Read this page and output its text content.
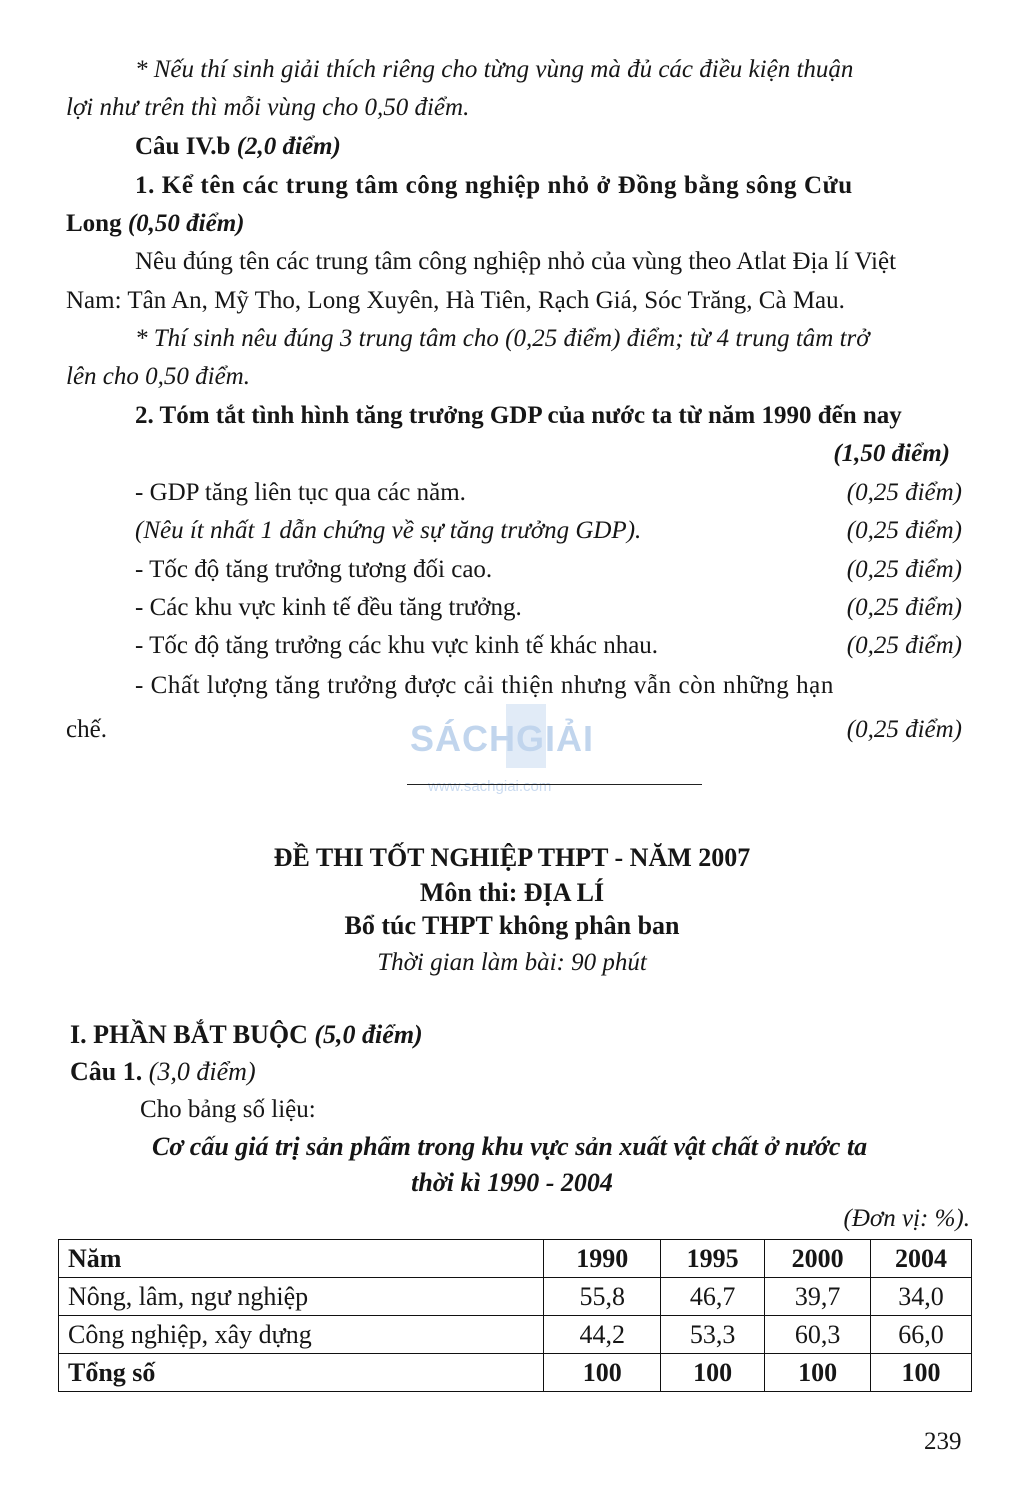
* Nếu thí sinh giải thích riêng cho từng vùng mà đủ các điều kiện thuận
lợi như trên thì mỗi vùng cho 0,50 điểm.
Câu IV.b (2,0 điểm)
1. Kể tên các trung tâm công nghiệp nhỏ ở Đồng bằng sông Cửu
Long (0,50 điểm)
Nêu đúng tên các trung tâm công nghiệp nhỏ của vùng theo Atlat Địa lí Việt
Nam: Tân An, Mỹ Tho, Long Xuyên, Hà Tiên, Rạch Giá, Sóc Trăng, Cà Mau.
* Thí sinh nêu đúng 3 trung tâm cho (0,25 điểm) điểm; từ 4 trung tâm trở
lên cho 0,50 điểm.
2. Tóm tắt tình hình tăng trưởng GDP của nước ta từ năm 1990 đến nay
(1,50 điểm)
- GDP tăng liên tục qua các năm.	(0,25 điểm)
(Nêu ít nhất 1 dẫn chứng về sự tăng trưởng GDP).	(0,25 điểm)
- Tốc độ tăng trưởng tương đối cao.	(0,25 điểm)
- Các khu vực kinh tế đều tăng trưởng.	(0,25 điểm)
- Tốc độ tăng trưởng các khu vực kinh tế khác nhau.	(0,25 điểm)
- Chất lượng tăng trưởng được cải thiện nhưng vẫn còn những hạn
chế.	(0,25 điểm)
SÁCHGIẢI
www.sachgiai.com
ĐỀ THI TỐT NGHIỆP THPT - NĂM 2007
Môn thi: ĐỊA LÍ
Bổ túc THPT không phân ban
Thời gian làm bài: 90 phút
I. PHẦN BẮT BUỘC (5,0 điểm)
Câu 1. (3,0 điểm)
Cho bảng số liệu:
Cơ cấu giá trị sản phẩm trong khu vực sản xuất vật chất ở nước ta
thời kì 1990 - 2004
(Đơn vị: %).
Năm	1990	1995	2000	2004
Nông, lâm, ngư nghiệp	55,8	46,7	39,7	34,0
Công nghiệp, xây dựng	44,2	53,3	60,3	66,0
Tổng số	100	100	100	100
239
